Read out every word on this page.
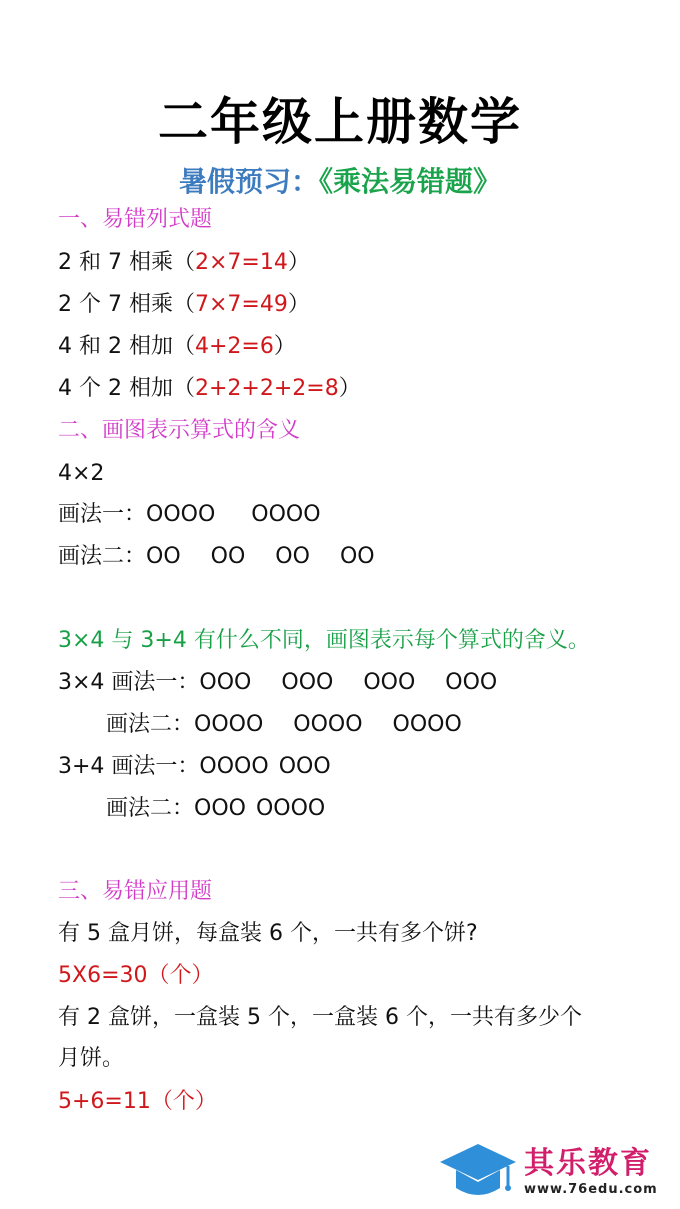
二年级上册数学
暑假预习：《乘法易错题》
一、易错列式题
2 和 7 相乘（2×7=14）
2 个 7 相乘（7×7=49）
4 和 2 相加（4+2=6）
4 个 2 相加（2+2+2+2=8）
二、画图表示算式的含义
4×2
画法一：OOOO OOOO
画法二：OO OO OO OO
3×4 与 3+4 有什么不同，画图表示每个算式的舍义。
3×4 画法一：OOO OOO OOO OOO
画法二：OOOO OOOO OOOO
3+4 画法一：OOOO OOO
画法二：OOO OOOO
三、易错应用题
有 5 盒月饼，每盒装 6 个，一共有多个饼?
5X6=30（个）
有 2 盒饼，一盒装 5 个，一盒装 6 个，一共有多少个
月饼。
5+6=11（个）
其乐教育
www.76edu.com
